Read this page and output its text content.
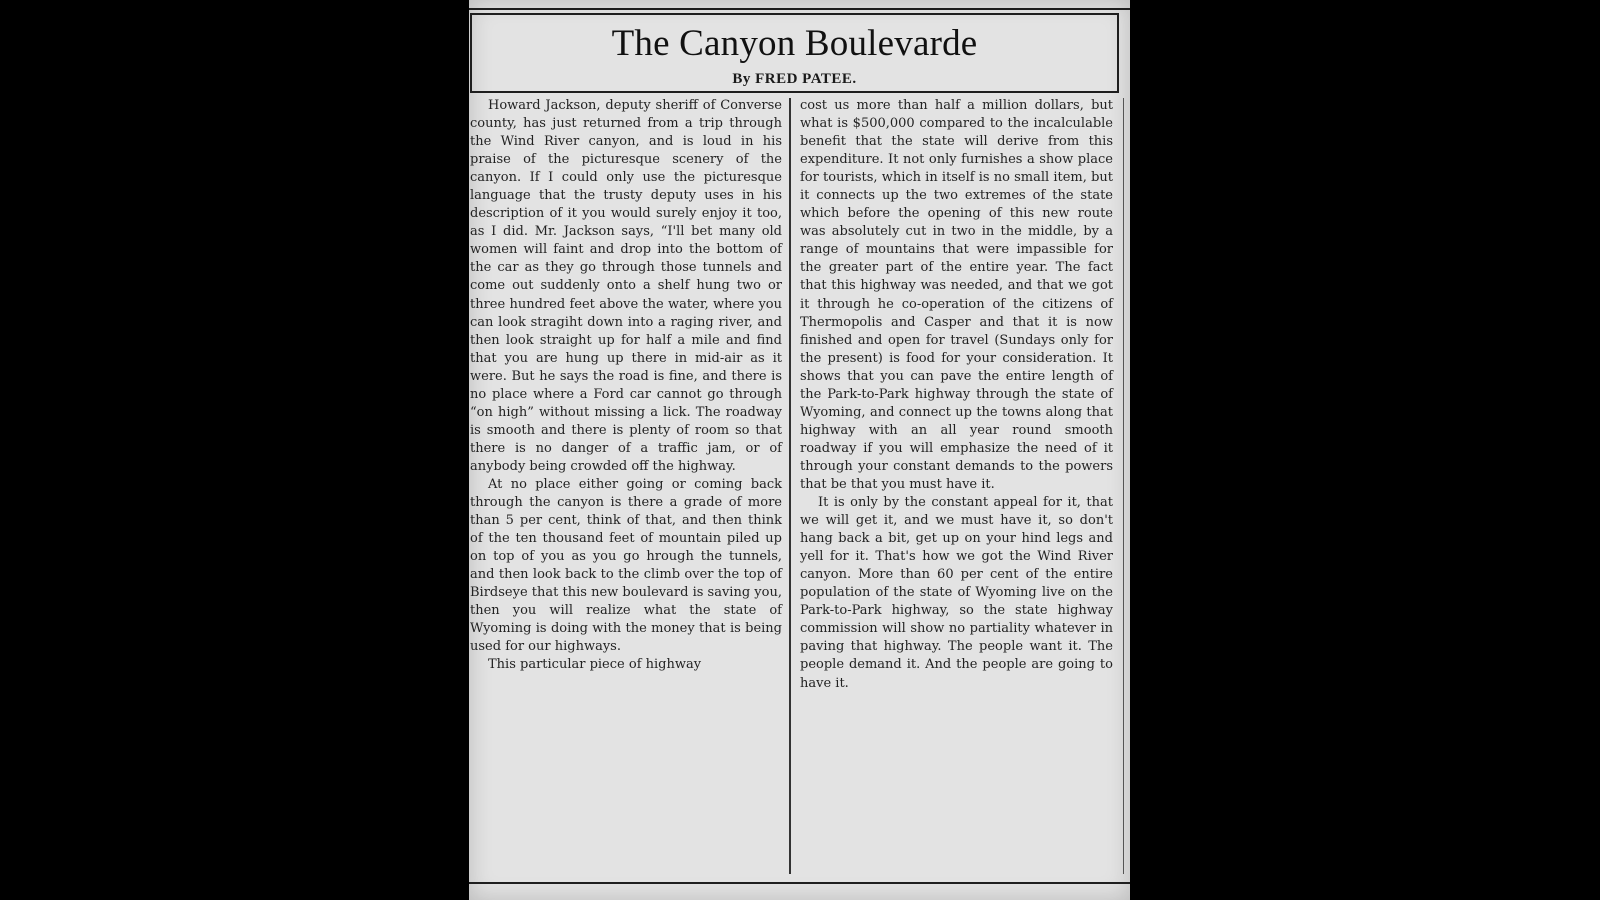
The Canyon Boulevarde
By FRED PATEE.

Howard Jackson, deputy sheriff of Converse county, has just returned from a trip through the Wind River canyon, and is loud in his praise of the picturesque scenery of the canyon. If I could only use the picturesque language that the trusty deputy uses in his description of it you would surely enjoy it too, as I did. Mr. Jackson says, “I'll bet many old women will faint and drop into the bottom of the car as they go through those tunnels and come out suddenly onto a shelf hung two or three hundred feet above the water, where you can look stragiht down into a raging river, and then look straight up for half a mile and find that you are hung up there in mid-air as it were. But he says the road is fine, and there is no place where a Ford car cannot go through “on high” without missing a lick. The roadway is smooth and there is plenty of room so that there is no danger of a traffic jam, or of anybody being crowded off the highway.

At no place either going or coming back through the canyon is there a grade of more than 5 per cent, think of that, and then think of the ten thousand feet of mountain piled up on top of you as you go hrough the tunnels, and then look back to the climb over the top of Birdseye that this new boulevard is saving you, then you will realize what the state of Wyoming is doing with the money that is being used for our highways.

This particular piece of highway

cost us more than half a million dollars, but what is $500,000 compared to the incalculable benefit that the state will derive from this expenditure. It not only furnishes a show place for tourists, which in itself is no small item, but it connects up the two extremes of the state which before the opening of this new route was absolutely cut in two in the middle, by a range of mountains that were impassible for the greater part of the entire year. The fact that this highway was needed, and that we got it through he co-operation of the citizens of Thermopolis and Casper and that it is now finished and open for travel (Sundays only for the present) is food for your consideration. It shows that you can pave the entire length of the Park-to-Park highway through the state of Wyoming, and connect up the towns along that highway with an all year round smooth roadway if you will emphasize the need of it through your constant demands to the powers that be that you must have it.

It is only by the constant appeal for it, that we will get it, and we must have it, so don't hang back a bit, get up on your hind legs and yell for it. That's how we got the Wind River canyon. More than 60 per cent of the entire population of the state of Wyoming live on the Park-to-Park highway, so the state highway commission will show no partiality whatever in paving that highway. The people want it. The people demand it. And the people are going to have it.
